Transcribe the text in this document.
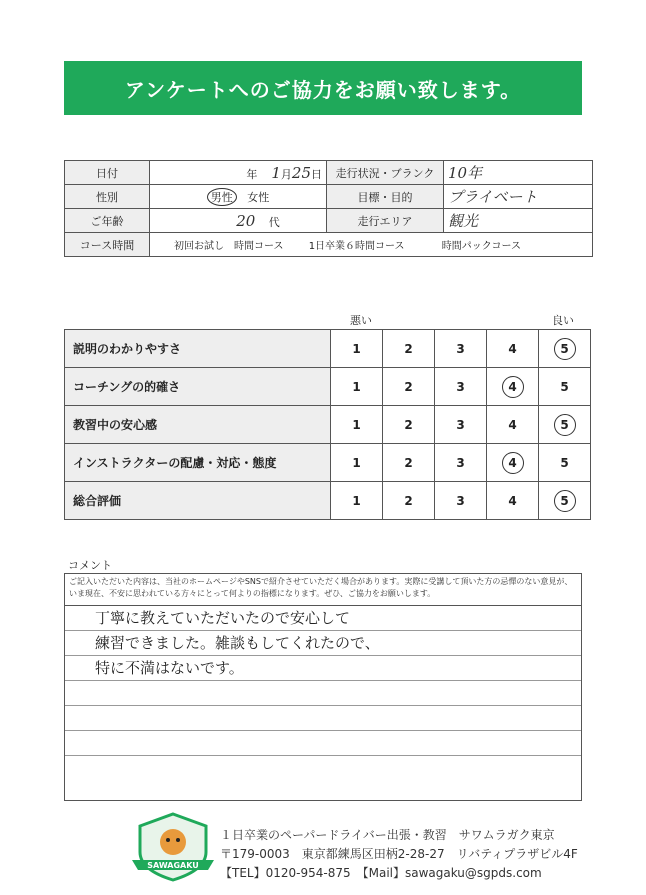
アンケートへのご協力をお願い致します。
日付	年 1月25日	走行状況・ブランク	10年
性別	男性 女性	目標・目的	プライベート
ご年齢	20 代	走行エリア	観光
コース時間	初回お試し　時間コース 1日卒業６時間コース 時間パックコース		
悪い	良い
説明のわかりやすさ	1	2	3	4	5
コーチングの的確さ	1	2	3	4	5
教習中の安心感	1	2	3	4	5
インストラクターの配慮・対応・態度	1	2	3	4	5
総合評価	1	2	3	4	5
コメント
ご記入いただいた内容は、当社のホームページやSNSで紹介させていただく場合があります。実際に受講して頂いた方の忌憚のない意見が、いま現在、不安に思われている方々にとって何よりの指標になります。ぜひ、ご協力をお願いします。
丁寧に教えていただいたので安心して
練習できました。雑談もしてくれたので、
特に不満はないです。
SAWAGAKU
１日卒業のペーパードライバー出張・教習　サワムラガク東京
〒179-0003　東京都練馬区田柄2-28-27　リバティプラザビル4F
【TEL】0120-954-875　【Mail】sawagaku@sgpds.com
